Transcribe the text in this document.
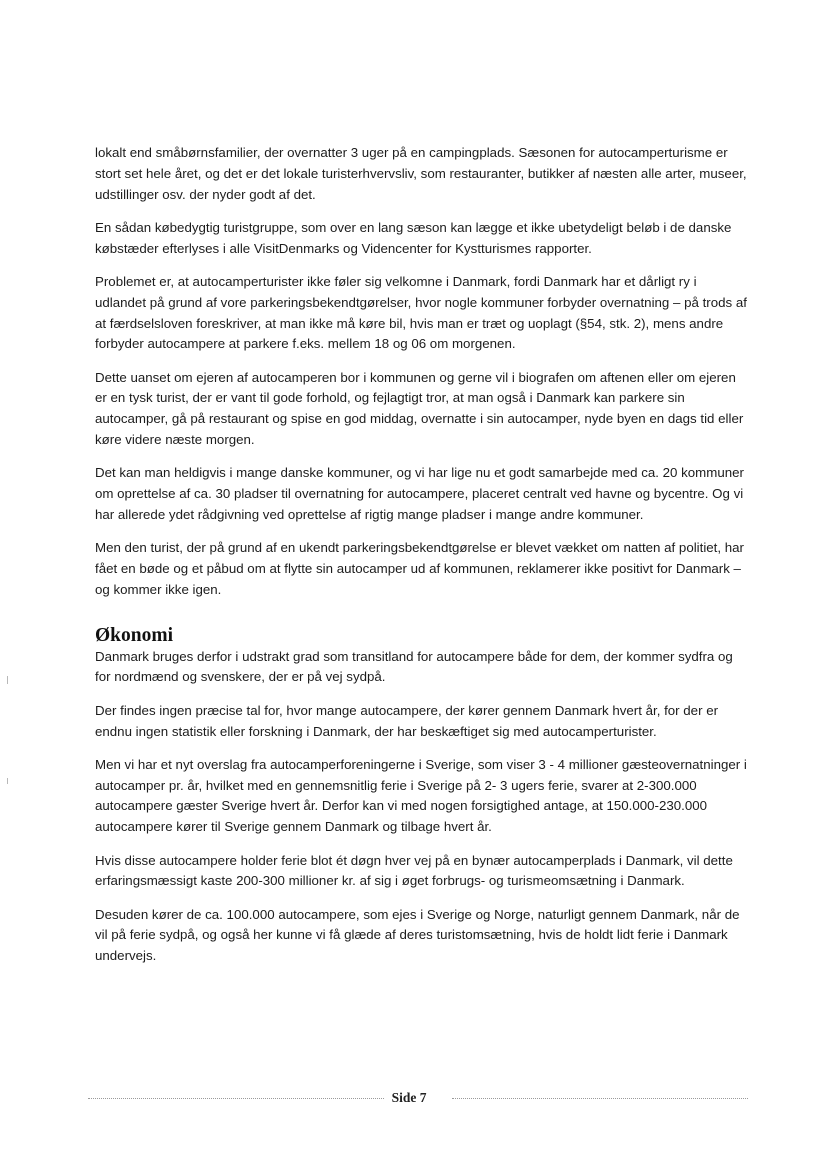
lokalt end småbørnsfamilier, der overnatter 3 uger på en campingplads. Sæsonen for autocamperturisme er stort set hele året, og det er det lokale turisterhvervsliv, som restauranter, butikker af næsten alle arter, museer, udstillinger osv. der nyder godt af det.

En sådan købedygtig turistgruppe, som over en lang sæson kan lægge et ikke ubetydeligt beløb i de danske købstæder efterlyses i alle VisitDenmarks og Videncenter for Kystturismes rapporter.

Problemet er, at autocamperturister ikke føler sig velkomne i Danmark, fordi Danmark har et dårligt ry i udlandet på grund af vore parkeringsbekendtgørelser, hvor nogle kommuner forbyder overnatning – på trods af at færdselsloven foreskriver, at man ikke må køre bil, hvis man er træt og uoplagt (§54, stk. 2), mens andre forbyder autocampere at parkere f.eks. mellem 18 og 06 om morgenen.

Dette uanset om ejeren af autocamperen bor i kommunen og gerne vil i biografen om aftenen eller om ejeren er en tysk turist, der er vant til gode forhold, og fejlagtigt tror, at man også i Danmark kan parkere sin autocamper, gå på restaurant og spise en god middag, overnatte i sin autocamper, nyde byen en dags tid eller køre videre næste morgen.

Det kan man heldigvis i mange danske kommuner, og vi har lige nu et godt samarbejde med ca. 20 kommuner om oprettelse af ca. 30 pladser til overnatning for autocampere, placeret centralt ved havne og bycentre. Og vi har allerede ydet rådgivning ved oprettelse af rigtig mange pladser i mange andre kommuner.

Men den turist, der på grund af en ukendt parkeringsbekendtgørelse er blevet vækket om natten af politiet, har fået en bøde og et påbud om at flytte sin autocamper ud af kommunen, reklamerer ikke positivt for Danmark – og kommer ikke igen.

Økonomi

Danmark bruges derfor i udstrakt grad som transitland for autocampere både for dem, der kommer sydfra og for nordmænd og svenskere, der er på vej sydpå.

Der findes ingen præcise tal for, hvor mange autocampere, der kører gennem Danmark hvert år, for der er endnu ingen statistik eller forskning i Danmark, der har beskæftiget sig med autocamperturister.

Men vi har et nyt overslag fra autocamperforeningerne i Sverige, som viser 3 - 4 millioner gæsteovernatninger i autocamper pr. år, hvilket med en gennemsnitlig ferie i Sverige på 2- 3 ugers ferie, svarer at 2-300.000 autocampere gæster Sverige hvert år. Derfor kan vi med nogen forsigtighed antage, at 150.000-230.000 autocampere kører til Sverige gennem Danmark og tilbage hvert år.

Hvis disse autocampere holder ferie blot ét døgn hver vej på en bynær autocamperplads i Danmark, vil dette erfaringsmæssigt kaste 200-300 millioner kr. af sig i øget forbrugs- og turismeomsætning i Danmark.

Desuden kører de ca. 100.000 autocampere, som ejes i Sverige og Norge, naturligt gennem Danmark, når de vil på ferie sydpå, og også her kunne vi få glæde af deres turistomsætning, hvis de holdt lidt ferie i Danmark undervejs.

Side 7
